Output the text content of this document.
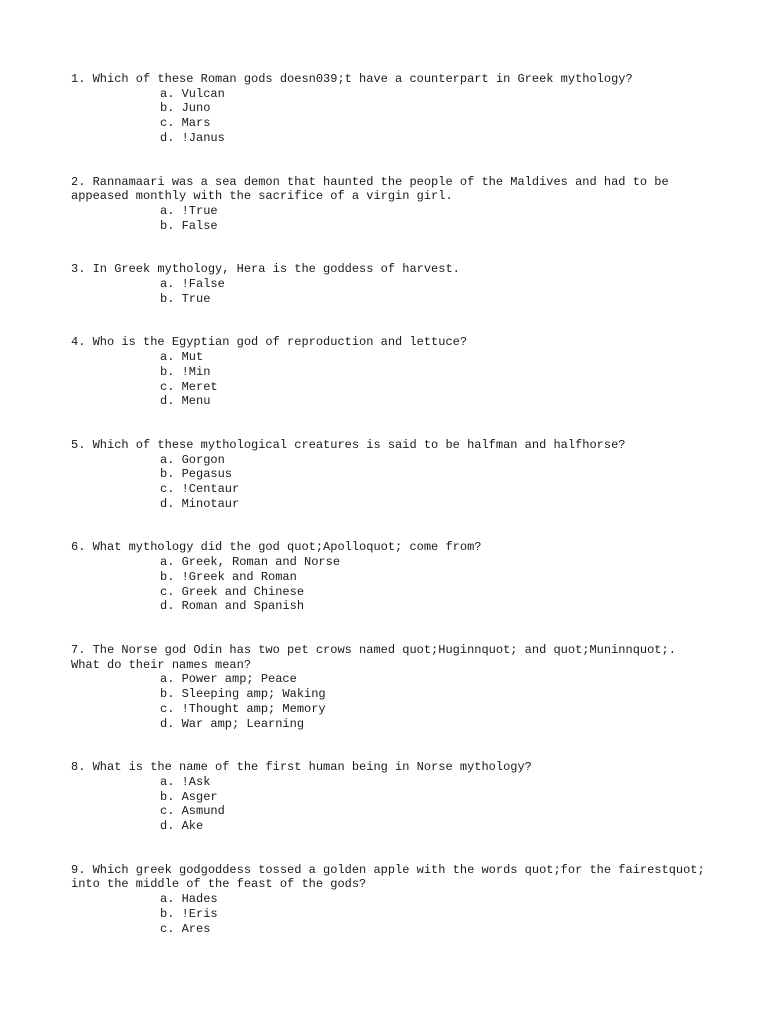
1. Which of these Roman gods doesn039;t have a counterpart in Greek mythology?
a. Vulcan
b. Juno
c. Mars
d. !Janus
2. Rannamaari was a sea demon that haunted the people of the Maldives and had to be appeased monthly with the sacrifice of a virgin girl.
a. !True
b. False
3. In Greek mythology, Hera is the goddess of harvest.
a. !False
b. True
4. Who is the Egyptian god of reproduction and lettuce?
a. Mut
b. !Min
c. Meret
d. Menu
5. Which of these mythological creatures is said to be halfman and halfhorse?
a. Gorgon
b. Pegasus
c. !Centaur
d. Minotaur
6. What mythology did the god quot;Apolloquot; come from?
a. Greek, Roman and Norse
b. !Greek and Roman
c. Greek and Chinese
d. Roman and Spanish
7. The Norse god Odin has two pet crows named quot;Huginnquot; and quot;Muninnquot;.  What do their names mean?
a. Power amp; Peace
b. Sleeping amp; Waking
c. !Thought amp; Memory
d. War amp; Learning
8. What is the name of the first human being in Norse mythology?
a. !Ask
b. Asger
c. Asmund
d. Ake
9. Which greek godgoddess tossed a golden apple with the words quot;for the fairestquot; into the middle of the feast of the gods?
a. Hades
b. !Eris
c. Ares
